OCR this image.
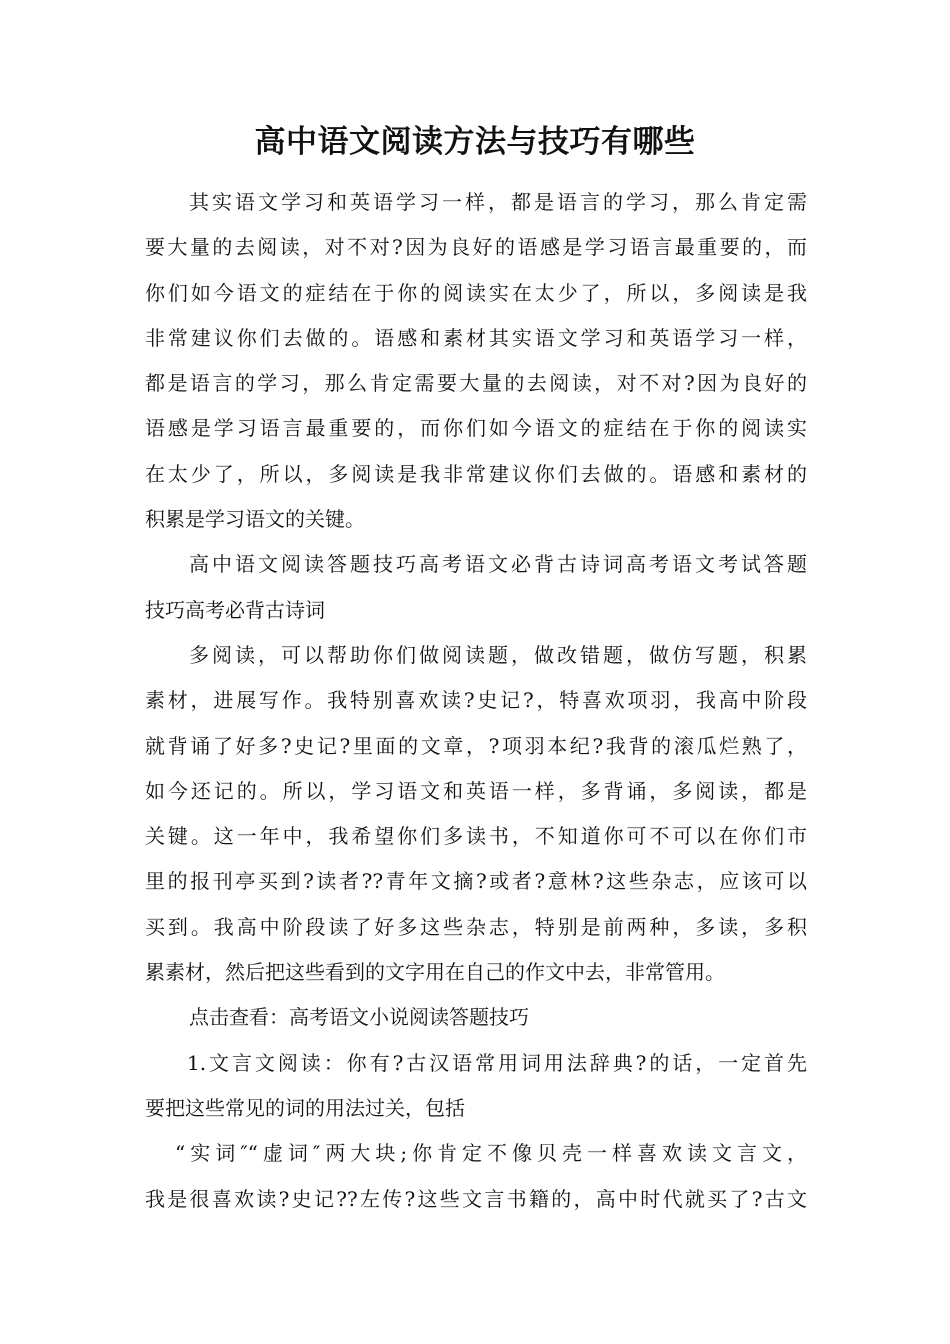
高中语文阅读方法与技巧有哪些
其实语文学习和英语学习一样，都是语言的学习，那么肯定需
要大量的去阅读，对不对?因为良好的语感是学习语言最重要的，而
你们如今语文的症结在于你的阅读实在太少了，所以，多阅读是我
非常建议你们去做的。语感和素材其实语文学习和英语学习一样，
都是语言的学习，那么肯定需要大量的去阅读，对不对?因为良好的
语感是学习语言最重要的，而你们如今语文的症结在于你的阅读实
在太少了，所以，多阅读是我非常建议你们去做的。语感和素材的
积累是学习语文的关键。
高中语文阅读答题技巧高考语文必背古诗词高考语文考试答题
技巧高考必背古诗词
多阅读，可以帮助你们做阅读题，做改错题，做仿写题，积累
素材，进展写作。我特别喜欢读?史记?，特喜欢项羽，我高中阶段
就背诵了好多?史记?里面的文章，?项羽本纪?我背的滚瓜烂熟了，
如今还记的。所以，学习语文和英语一样，多背诵，多阅读，都是
关键。这一年中，我希望你们多读书，不知道你可不可以在你们市
里的报刊亭买到?读者??青年文摘?或者?意林?这些杂志，应该可以
买到。我高中阶段读了好多这些杂志，特别是前两种，多读，多积
累素材，然后把这些看到的文字用在自己的作文中去，非常管用。
点击查看：高考语文小说阅读答题技巧
1.文言文阅读：你有?古汉语常用词用法辞典?的话，一定首先
要把这些常见的词的用法过关，包括
“实词″“虚词″两大块;你肯定不像贝壳一样喜欢读文言文，
我是很喜欢读?史记??左传?这些文言书籍的，高中时代就买了?古文
